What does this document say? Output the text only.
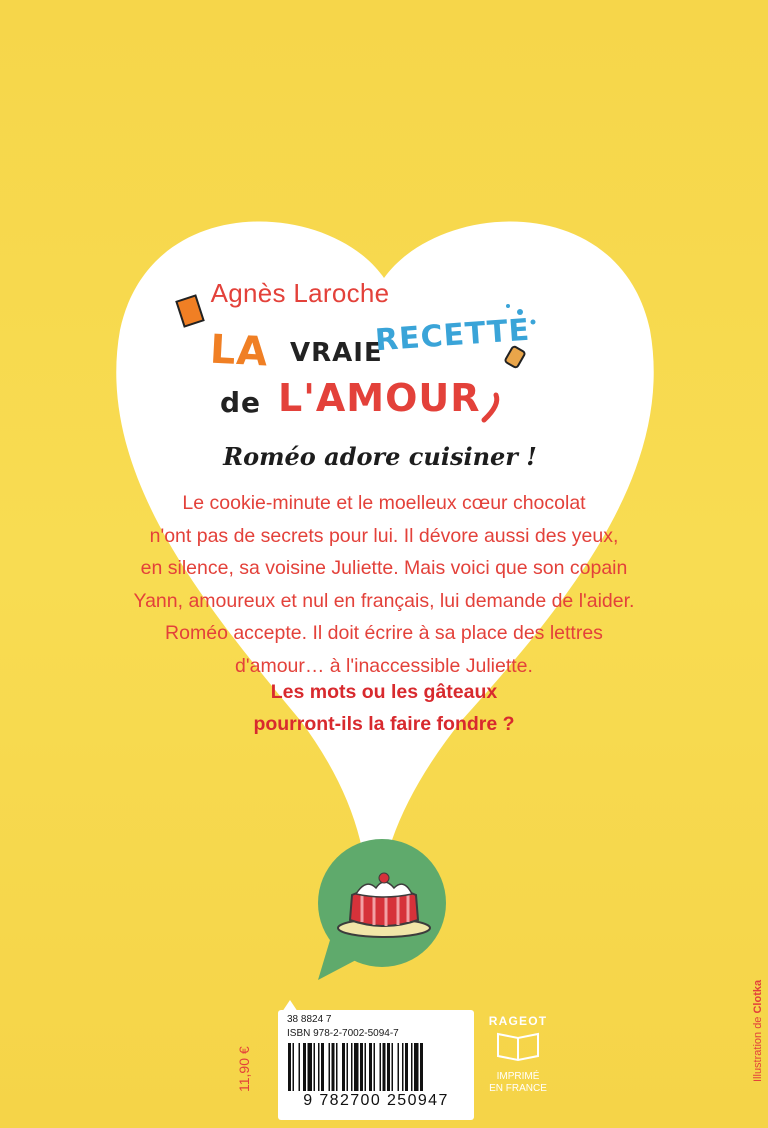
Agnès Laroche
LA VRAIE
RECETTE
de L'AMOUR
Roméo adore cuisiner !
Le cookie-minute et le moelleux cœur chocolat
n'ont pas de secrets pour lui. Il dévore aussi des yeux,
en silence, sa voisine Juliette. Mais voici que son copain
Yann, amoureux et nul en français, lui demande de l'aider.
Roméo accepte. Il doit écrire à sa place des lettres
d'amour… à l'inaccessible Juliette.
Les mots ou les gâteaux
pourront-ils la faire fondre ?
11,90 €
38 8824 7
ISBN 978-2-7002-5094-7
9 782700 250947
RAGEOT
IMPRIMÉ
EN FRANCE
Illustration de Clotka
